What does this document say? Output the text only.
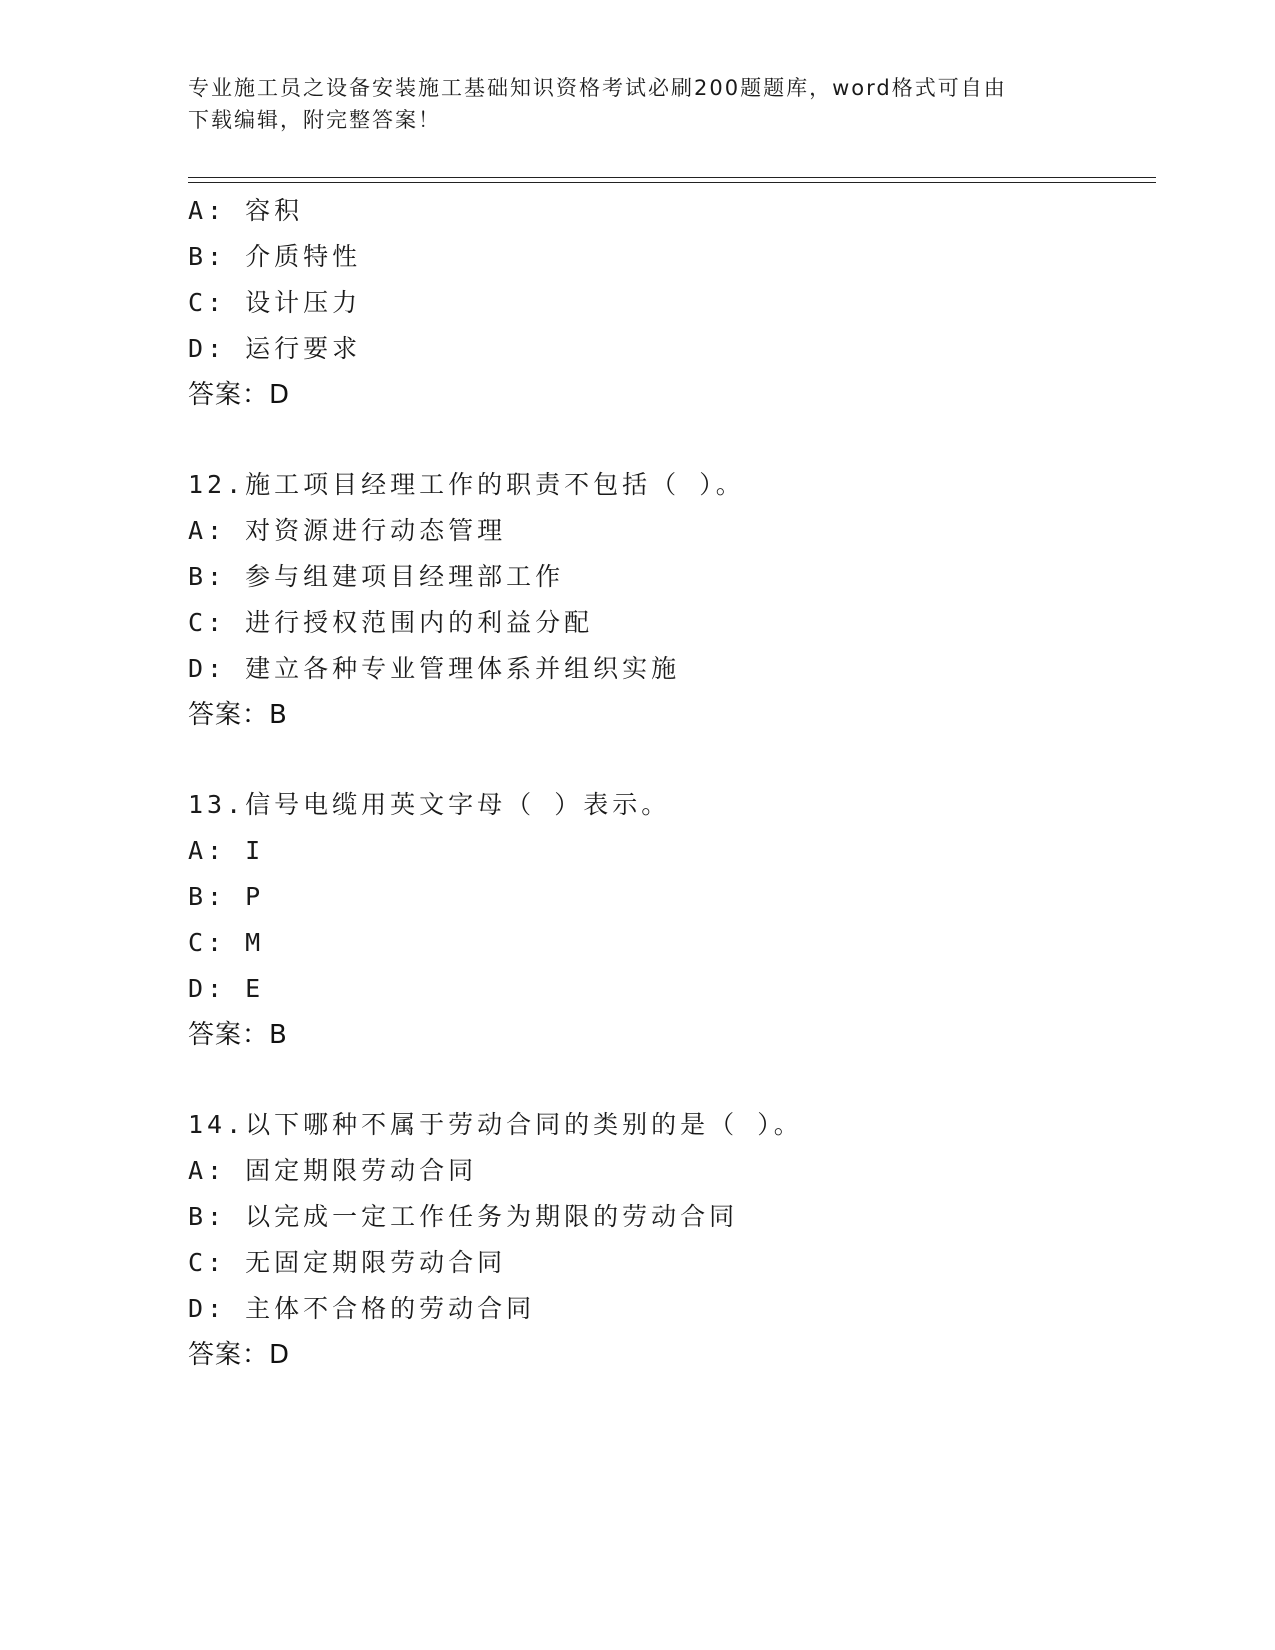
专业施工员之设备安装施工基础知识资格考试必刷200题题库，word格式可自由
下载编辑，附完整答案！
A: 容积
B: 介质特性
C: 设计压力
D: 运行要求
答案：D
12.施工项目经理工作的职责不包括（ ）。
A: 对资源进行动态管理
B: 参与组建项目经理部工作
C: 进行授权范围内的利益分配
D: 建立各种专业管理体系并组织实施
答案：B
13.信号电缆用英文字母（ ）表示。
A: I
B: P
C: M
D: E
答案：B
14.以下哪种不属于劳动合同的类别的是（ ）。
A: 固定期限劳动合同
B: 以完成一定工作任务为期限的劳动合同
C: 无固定期限劳动合同
D: 主体不合格的劳动合同
答案：D
